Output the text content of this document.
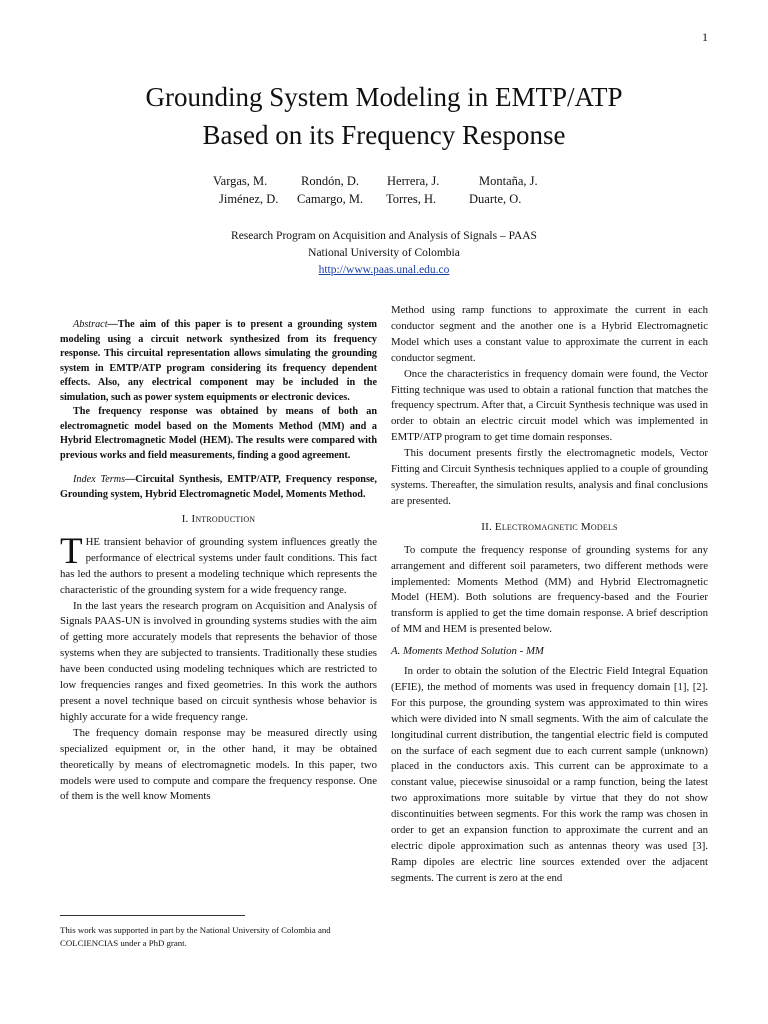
1
Grounding System Modeling in EMTP/ATP
Based on its Frequency Response
Vargas, M.	Rondón, D. Herrera, J.	Montaña, J.
Jiménez, D. Camargo, M. Torres, H.	Duarte, O.
Research Program on Acquisition and Analysis of Signals – PAAS
National University of Colombia
http://www.paas.unal.edu.co

Abstract—The aim of this paper is to present a grounding system modeling using a circuit network synthesized from its frequency response. This circuital representation allows simulating the grounding system in EMTP/ATP program considering its frequency dependent effects. Also, any electrical component may be included in the simulation, such as power system equipments or electronic devices.

The frequency response was obtained by means of both an electromagnetic model based on the Moments Method (MM) and a Hybrid Electromagnetic Model (HEM). The results were compared with previous works and field measurements, finding a good agreement.

Index Terms—Circuital Synthesis, EMTP/ATP, Frequency response, Grounding system, Hybrid Electromagnetic Model, Moments Method.

I. Introduction

THE transient behavior of grounding system influences greatly the performance of electrical systems under fault conditions. This fact has led the authors to present a modeling technique which represents the characteristic of the grounding system for a wide frequency range.

In the last years the research program on Acquisition and Analysis of Signals PAAS-UN is involved in grounding systems studies with the aim of getting more accurately models that represents the behavior of those systems when they are subjected to transients. Traditionally these studies have been conducted using modeling techniques which are restricted to low frequencies ranges and fixed geometries. In this work the authors present a novel technique based on circuit synthesis whose behavior is highly accurate for a wide frequency range.

The frequency domain response may be measured directly using specialized equipment or, in the other hand, it may be obtained theoretically by means of electromagnetic models. In this paper, two models were used to compute and compare the frequency response. One of them is the well know Moments

This work was supported in part by the National University of Colombia and COLCIENCIAS under a PhD grant.

Method using ramp functions to approximate the current in each conductor segment and the another one is a Hybrid Electromagnetic Model which uses a constant value to approximate the current in each conductor segment.

Once the characteristics in frequency domain were found, the Vector Fitting technique was used to obtain a rational function that matches the frequency spectrum. After that, a Circuit Synthesis technique was used in order to obtain an electric circuit model which was implemented in EMTP/ATP program to get time domain responses.

This document presents firstly the electromagnetic models, Vector Fitting and Circuit Synthesis techniques applied to a couple of grounding systems. Thereafter, the simulation results, analysis and final conclusions are presented.

II. Electromagnetic Models

To compute the frequency response of grounding systems for any arrangement and different soil parameters, two different methods were implemented: Moments Method (MM) and Hybrid Electromagnetic Model (HEM). Both solutions are frequency-based and the Fourier transform is applied to get the time domain response. A brief description of MM and HEM is presented below.

A. Moments Method Solution - MM

In order to obtain the solution of the Electric Field Integral Equation (EFIE), the method of moments was used in frequency domain [1], [2]. For this purpose, the grounding system was approximated to thin wires which were divided into N small segments. With the aim of calculate the longitudinal current distribution, the tangential electric field is computed on the surface of each segment due to each current sample (unknown) placed in the conductors axis. This current can be approximate to a constant value, piecewise sinusoidal or a ramp function, being the latest two approximations more suitable by virtue that they do not show discontinuities between segments. For this work the ramp was chosen in order to get an expansion function to approximate the current and an electric dipole approximation such as antennas theory was used [3]. Ramp dipoles are electric line sources extended over the adjacent segments. The current is zero at the end
